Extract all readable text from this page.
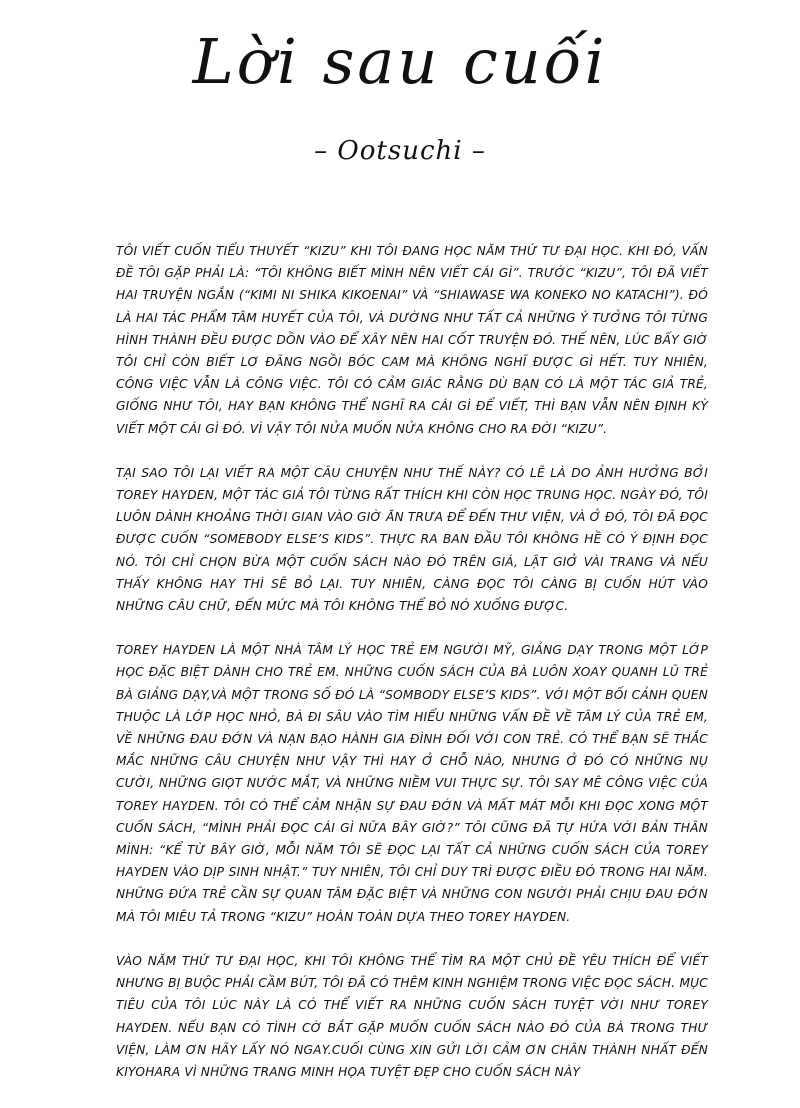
Lời sau cuối
– Ootsuchi –

TÔI VIẾT CUỐN TIỂU THUYẾT “KIZU” KHI TÔI ĐANG HỌC NĂM THỨ TƯ ĐẠI HỌC. KHI ĐÓ, VẤN ĐỀ TÔI GẶP PHẢI LÀ: “TÔI KHÔNG BIẾT MÌNH NÊN VIẾT CÁI GÌ”. TRƯỚC “KIZU”, TÔI ĐÃ VIẾT HAI TRUYỆN NGẮN (“KIMI NI SHIKA KIKOENAI” VÀ “SHIAWASE WA KONEKO NO KATACHI”). ĐÓ LÀ HAI TÁC PHẨM TÂM HUYẾT CỦA TÔI, VÀ DƯỜNG NHƯ TẤT CẢ NHỮNG Ý TƯỞNG TÔI TỪNG HÌNH THÀNH ĐỀU ĐƯỢC DỒN VÀO ĐỂ XÂY NÊN HAI CỐT TRUYỆN ĐÓ. THẾ NÊN, LÚC BẤY GIỜ TÔI CHỈ CÒN BIẾT LƠ ĐÃNG NGỒI BÓC CAM MÀ KHÔNG NGHĨ ĐƯỢC GÌ HẾT. TUY NHIÊN, CÔNG VIỆC VẪN LÀ CÔNG VIỆC. TÔI CÓ CẢM GIÁC RẰNG DÙ BẠN CÓ LÀ MỘT TÁC GIẢ TRẺ, GIỐNG NHƯ TÔI, HAY BẠN KHÔNG THỂ NGHĨ RA CÁI GÌ ĐỂ VIẾT, THÌ BẠN VẪN NÊN ĐỊNH KỲ VIẾT MỘT CÁI GÌ ĐÓ. VÌ VẬY TÔI NỬA MUỐN NỬA KHÔNG CHO RA ĐỜI “KIZU”.

TẠI SAO TÔI LẠI VIẾT RA MỘT CÂU CHUYỆN NHƯ THẾ NÀY? CÓ LẼ LÀ DO ẢNH HƯỞNG BỞI TOREY HAYDEN, MỘT TÁC GIẢ TÔI TỪNG RẤT THÍCH KHI CÒN HỌC TRUNG HỌC. NGÀY ĐÓ, TÔI LUÔN DÀNH KHOẢNG THỜI GIAN VÀO GIỜ ĂN TRƯA ĐỂ ĐẾN THƯ VIỆN, VÀ Ở ĐÓ, TÔI ĐÃ ĐỌC ĐƯỢC CUỐN “SOMEBODY ELSE’S KIDS”. THỰC RA BAN ĐẦU TÔI KHÔNG HỀ CÓ Ý ĐỊNH ĐỌC NÓ. TÔI CHỈ CHỌN BỪA MỘT CUỐN SÁCH NÀO ĐÓ TRÊN GIÁ, LẬT GIỞ VÀI TRANG VÀ NẾU THẤY KHÔNG HAY THÌ SẼ BỎ LẠI. TUY NHIÊN, CÀNG ĐỌC TÔI CÀNG BỊ CUỐN HÚT VÀO NHỮNG CÂU CHỮ, ĐẾN MỨC MÀ TÔI KHÔNG THỂ BỎ NÓ XUỐNG ĐƯỢC.

TOREY HAYDEN LÀ MỘT NHÀ TÂM LÝ HỌC TRẺ EM NGƯỜI MỸ, GIẢNG DẠY TRONG MỘT LỚP HỌC ĐẶC BIỆT DÀNH CHO TRẺ EM. NHỮNG CUỐN SÁCH CỦA BÀ LUÔN XOAY QUANH LŨ TRẺ BÀ GIẢNG DẠY,VÀ MỘT TRONG SỐ ĐÓ LÀ “SOMBODY ELSE’S KIDS”. VỚI MỘT BỐI CẢNH QUEN THUỘC LÀ LỚP HỌC NHỎ, BÀ ĐI SÂU VÀO TÌM HIỂU NHỮNG VẤN ĐỀ VỀ TÂM LÝ CỦA TRẺ EM, VỀ NHỮNG ĐAU ĐỚN VÀ NẠN BẠO HÀNH GIA ĐÌNH ĐỐI VỚI CON TRẺ. CÓ THỂ BẠN SẼ THẮC MẮC NHỮNG CÂU CHUYỆN NHƯ VẬY THÌ HAY Ở CHỖ NÀO, NHƯNG Ở ĐÓ CÓ NHỮNG NỤ CƯỜI, NHỮNG GIỌT NƯỚC MẮT, VÀ NHỮNG NIỀM VUI THỰC SỰ. TÔI SAY MÊ CÔNG VIỆC CỦA TOREY HAYDEN. TÔI CÓ THỂ CẢM NHẬN SỰ ĐAU ĐỚN VÀ MẤT MÁT MỖI KHI ĐỌC XONG MỘT CUỐN SÁCH, “MÌNH PHẢI ĐỌC CÁI GÌ NỮA BÂY GIỜ?” TÔI CŨNG ĐÃ TỰ HỨA VỚI BẢN THÂN MÌNH: “KỂ TỪ BÂY GIỜ, MỖI NĂM TÔI SẼ ĐỌC LẠI TẤT CẢ NHỮNG CUỐN SÁCH CỦA TOREY HAYDEN VÀO DỊP SINH NHẬT.” TUY NHIÊN, TÔI CHỈ DUY TRÌ ĐƯỢC ĐIỀU ĐÓ TRONG HAI NĂM. NHỮNG ĐỨA TRẺ CẦN SỰ QUAN TÂM ĐẶC BIỆT VÀ NHỮNG CON NGƯỜI PHẢI CHỊU ĐAU ĐỚN MÀ TÔI MIÊU TẢ TRONG “KIZU” HOÀN TOÀN DỰA THEO TOREY HAYDEN.

VÀO NĂM THỨ TƯ ĐẠI HỌC, KHI TÔI KHÔNG THỂ TÌM RA MỘT CHỦ ĐỀ YÊU THÍCH ĐỂ VIẾT NHƯNG BỊ BUỘC PHẢI CẦM BÚT, TÔI ĐÃ CÓ THÊM KINH NGHIỆM TRONG VIỆC ĐỌC SÁCH. MỤC TIÊU CỦA TÔI LÚC NÀY LÀ CÓ THỂ VIẾT RA NHỮNG CUỐN SÁCH TUYỆT VỜI NHƯ TOREY HAYDEN. NẾU BẠN CÓ TÌNH CỜ BẮT GẶP MUỐN CUỐN SÁCH NÀO ĐÓ CỦA BÀ TRONG THƯ VIỆN, LÀM ƠN HÃY LẤY NÓ NGAY.CUỐI CÙNG XIN GỬI LỜI CẢM ƠN CHÂN THÀNH NHẤT ĐẾN KIYOHARA VÌ NHỮNG TRANG MINH HỌA TUYỆT ĐẸP CHO CUỐN SÁCH NÀY
